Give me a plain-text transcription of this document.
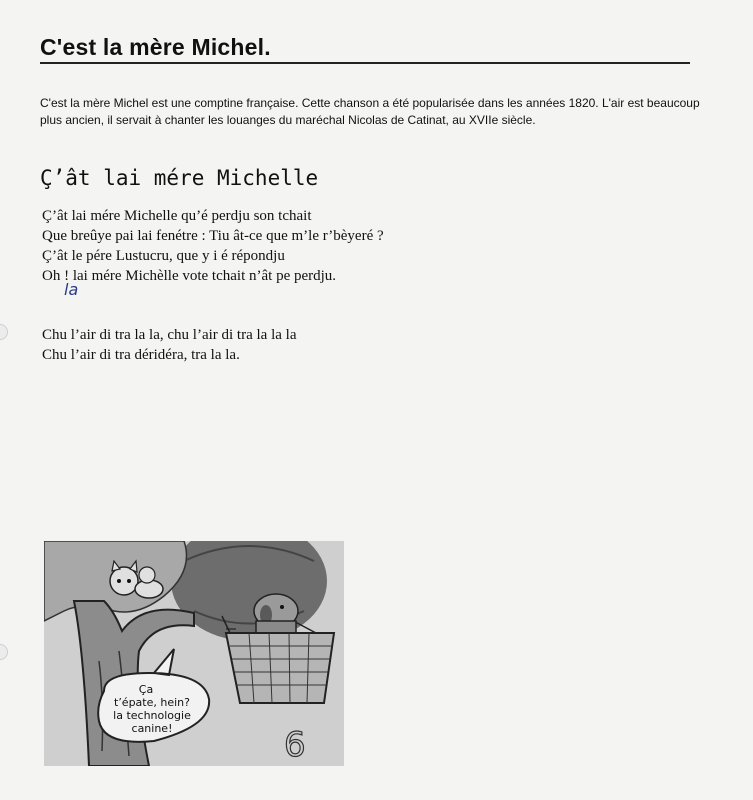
C'est la mère Michel.

C'est la mère Michel est une comptine française. Cette chanson a été popularisée dans les années 1820. L'air est beaucoup plus ancien, il servait à chanter les louanges du maréchal Nicolas de Catinat, au XVIIe siècle.

Ç’ât lai mére Michelle
Ç’ât lai mére Michelle qu’é perdju son tchait
Que breûye pai lai fenétre : Tiu ât-ce que m’le r’bèyeré ?
Ç’ât le pére Lustucru, que y i é répondju
Oh ! lai mére Michèlle vote tchait n’ât pe perdju.
la
Chu l’air di tra la la, chu l’air di tra la la la
Chu l’air di tra déridéra, tra la la.
Ça
t’épate, hein?
la technologie
canine!	6
